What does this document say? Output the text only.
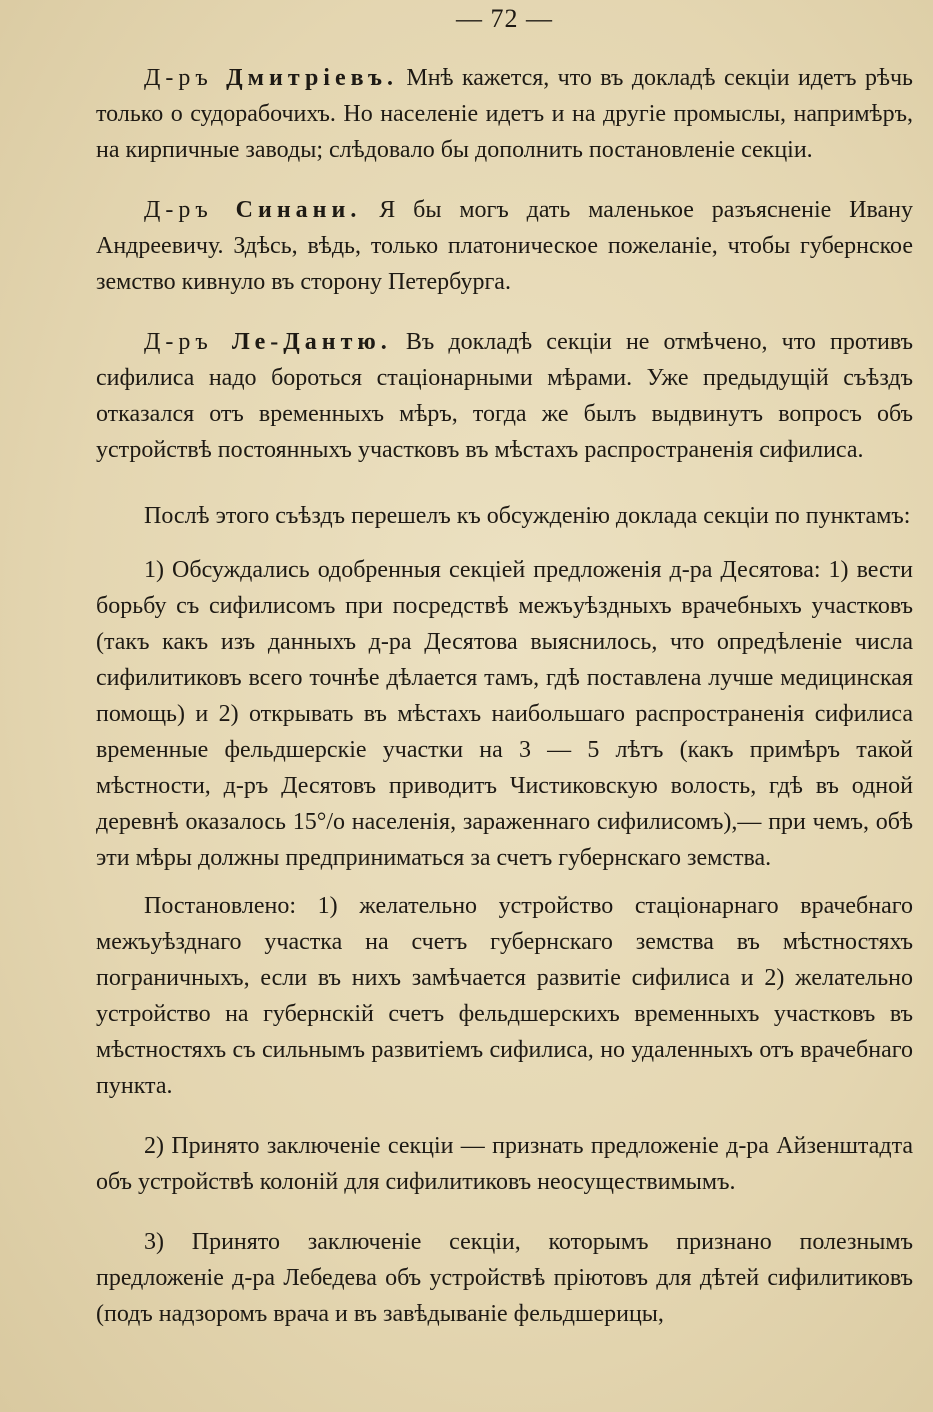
— 72 —

Д-ръ Дмитріевъ. Мнѣ кажется, что въ докладѣ секціи идетъ рѣчь только о судорабочихъ. Но населеніе идетъ и на другіе промыслы, напримѣръ, на кирпичные заводы; слѣдовало бы дополнить постановленіе секціи.

Д-ръ Синани. Я бы могъ дать маленькое разъясненіе Ивану Андреевичу. Здѣсь, вѣдь, только платоническое пожеланіе, чтобы губернское земство кивнуло въ сторону Петербурга.

Д-ръ Ле-Дантю. Въ докладѣ секціи не отмѣчено, что противъ сифилиса надо бороться стаціонарными мѣрами. Уже предыдущій съѣздъ отказался отъ временныхъ мѣръ, тогда же былъ выдвинутъ вопросъ объ устройствѣ постоянныхъ участковъ въ мѣстахъ распространенія сифилиса.

Послѣ этого съѣздъ перешелъ къ обсужденію доклада секціи по пунктамъ:

1) Обсуждались одобренныя секціей предложенія д-ра Десятова: 1) вести борьбу съ сифилисомъ при посредствѣ межъуѣздныхъ врачебныхъ участковъ (такъ какъ изъ данныхъ д-ра Десятова выяснилось, что опредѣленіе числа сифилитиковъ всего точнѣе дѣлается тамъ, гдѣ поставлена лучше медицинская помощь) и 2) открывать въ мѣстахъ наибольшаго распространенія сифилиса временные фельдшерскіе участки на 3 — 5 лѣтъ (какъ примѣръ такой мѣстности, д-ръ Десятовъ приводитъ Чистиковскую волость, гдѣ въ одной деревнѣ оказалось 15°/o населенія, зараженнаго сифилисомъ),— при чемъ, обѣ эти мѣры должны предприниматься за счетъ губернскаго земства.

Постановлено: 1) желательно устройство стаціонарнаго врачебнаго межъуѣзднаго участка на счетъ губернскаго земства въ мѣстностяхъ пограничныхъ, если въ нихъ замѣчается развитіе сифилиса и 2) желательно устройство на губернскій счетъ фельдшерскихъ временныхъ участковъ въ мѣстностяхъ съ сильнымъ развитіемъ сифилиса, но удаленныхъ отъ врачебнаго пункта.

2) Принято заключеніе секціи — признать предложеніе д-ра Айзенштадта объ устройствѣ колоній для сифилитиковъ неосуществимымъ.

3) Принято заключеніе секціи, которымъ признано полезнымъ предложеніе д-ра Лебедева объ устройствѣ пріютовъ для дѣтей сифилитиковъ (подъ надзоромъ врача и въ завѣдываніе фельдшерицы,
